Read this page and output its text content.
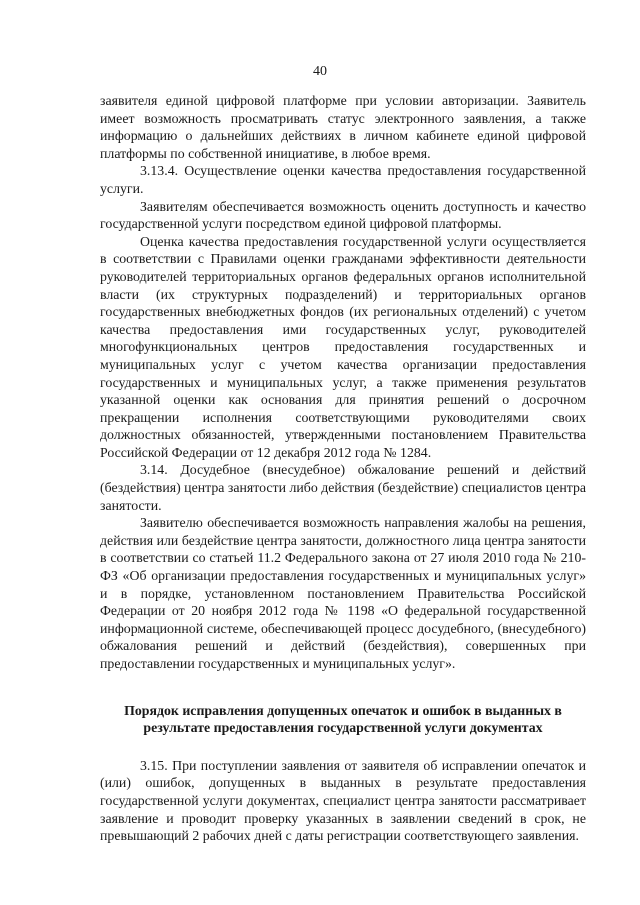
40

заявителя единой цифровой платформе при условии авторизации. Заявитель имеет возможность просматривать статус электронного заявления, а также информацию о дальнейших действиях в личном кабинете единой цифровой платформы по собственной инициативе, в любое время.

3.13.4. Осуществление оценки качества предоставления государственной услуги.

Заявителям обеспечивается возможность оценить доступность и качество государственной услуги посредством единой цифровой платформы.

Оценка качества предоставления государственной услуги осуществляется в соответствии с Правилами оценки гражданами эффективности деятельности руководителей территориальных органов федеральных органов исполнительной власти (их структурных подразделений) и территориальных органов государственных внебюджетных фондов (их региональных отделений) с учетом качества предоставления ими государственных услуг, руководителей многофункциональных центров предоставления государственных и муниципальных услуг с учетом качества организации предоставления государственных и муниципальных услуг, а также применения результатов указанной оценки как основания для принятия решений о досрочном прекращении исполнения соответствующими руководителями своих должностных обязанностей, утвержденными постановлением Правительства Российской Федерации от 12 декабря 2012 года № 1284.

3.14. Досудебное (внесудебное) обжалование решений и действий (бездействия) центра занятости либо действия (бездействие) специалистов центра занятости.

Заявителю обеспечивается возможность направления жалобы на решения, действия или бездействие центра занятости, должностного лица центра занятости в соответствии со статьей 11.2 Федерального закона от 27 июля 2010 года № 210-ФЗ «Об организации предоставления государственных и муниципальных услуг» и в порядке, установленном постановлением Правительства Российской Федерации от 20 ноября 2012 года № 1198 «О федеральной государственной информационной системе, обеспечивающей процесс досудебного, (внесудебного) обжалования решений и действий (бездействия), совершенных при предоставлении государственных и муниципальных услуг».

Порядок исправления допущенных опечаток и ошибок в выданных в результате предоставления государственной услуги документах

3.15. При поступлении заявления от заявителя об исправлении опечаток и (или) ошибок, допущенных в выданных в результате предоставления государственной услуги документах, специалист центра занятости рассматривает заявление и проводит проверку указанных в заявлении сведений в срок, не превышающий 2 рабочих дней с даты регистрации соответствующего заявления.
